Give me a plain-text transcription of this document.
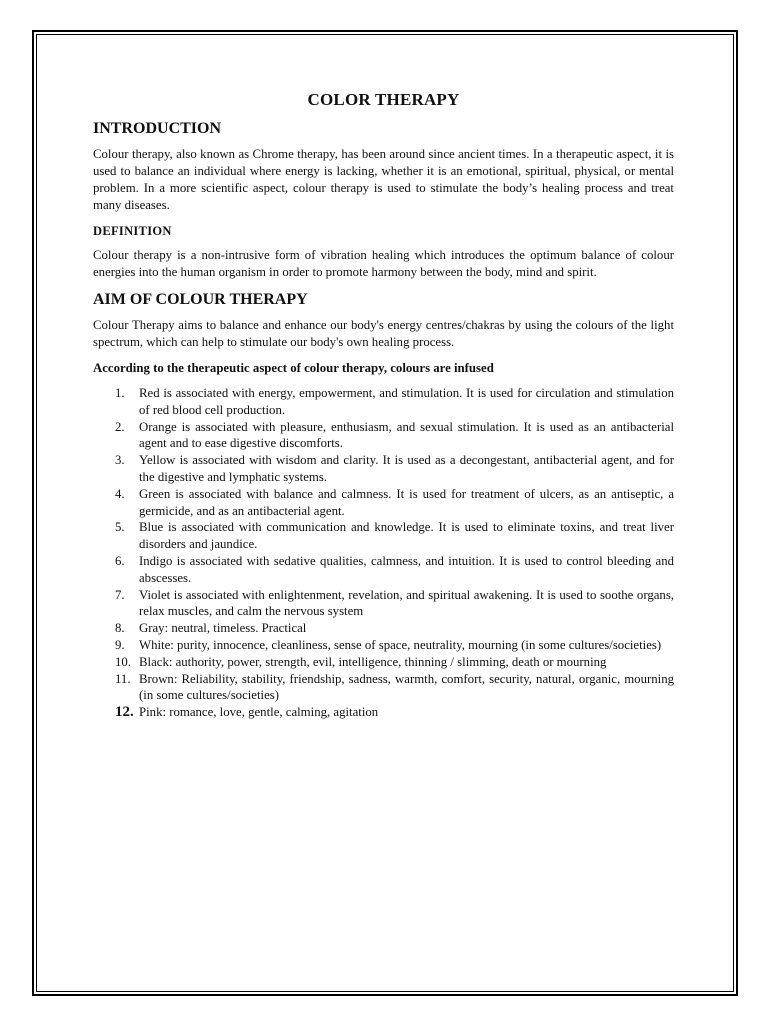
COLOR THERAPY
INTRODUCTION

Colour therapy, also known as Chrome therapy, has been around since ancient times. In a therapeutic aspect, it is used to balance an individual where energy is lacking, whether it is an emotional, spiritual, physical, or mental problem. In a more scientific aspect, colour therapy is used to stimulate the body’s healing process and treat many diseases.

DEFINITION

Colour therapy is a non-intrusive form of vibration healing which introduces the optimum balance of colour energies into the human organism in order to promote harmony between the body, mind and spirit.

AIM OF COLOUR THERAPY

Colour Therapy aims to balance and enhance our body's energy centres/chakras by using the colours of the light spectrum, which can help to stimulate our body's own healing process.

According to the therapeutic aspect of colour therapy, colours are infused

1. Red is associated with energy, empowerment, and stimulation. It is used for circulation and stimulation of red blood cell production.
2. Orange is associated with pleasure, enthusiasm, and sexual stimulation. It is used as an antibacterial agent and to ease digestive discomforts.
3. Yellow is associated with wisdom and clarity. It is used as a decongestant, antibacterial agent, and for the digestive and lymphatic systems.
4. Green is associated with balance and calmness. It is used for treatment of ulcers, as an antiseptic, a germicide, and as an antibacterial agent.
5. Blue is associated with communication and knowledge. It is used to eliminate toxins, and treat liver disorders and jaundice.
6. Indigo is associated with sedative qualities, calmness, and intuition. It is used to control bleeding and abscesses.
7. Violet is associated with enlightenment, revelation, and spiritual awakening. It is used to soothe organs, relax muscles, and calm the nervous system
8. Gray: neutral, timeless. Practical
9. White: purity, innocence, cleanliness, sense of space, neutrality, mourning (in some cultures/societies)
10. Black: authority, power, strength, evil, intelligence, thinning / slimming, death or mourning
11. Brown: Reliability, stability, friendship, sadness, warmth, comfort, security, natural, organic, mourning (in some cultures/societies)
12. Pink: romance, love, gentle, calming, agitation
